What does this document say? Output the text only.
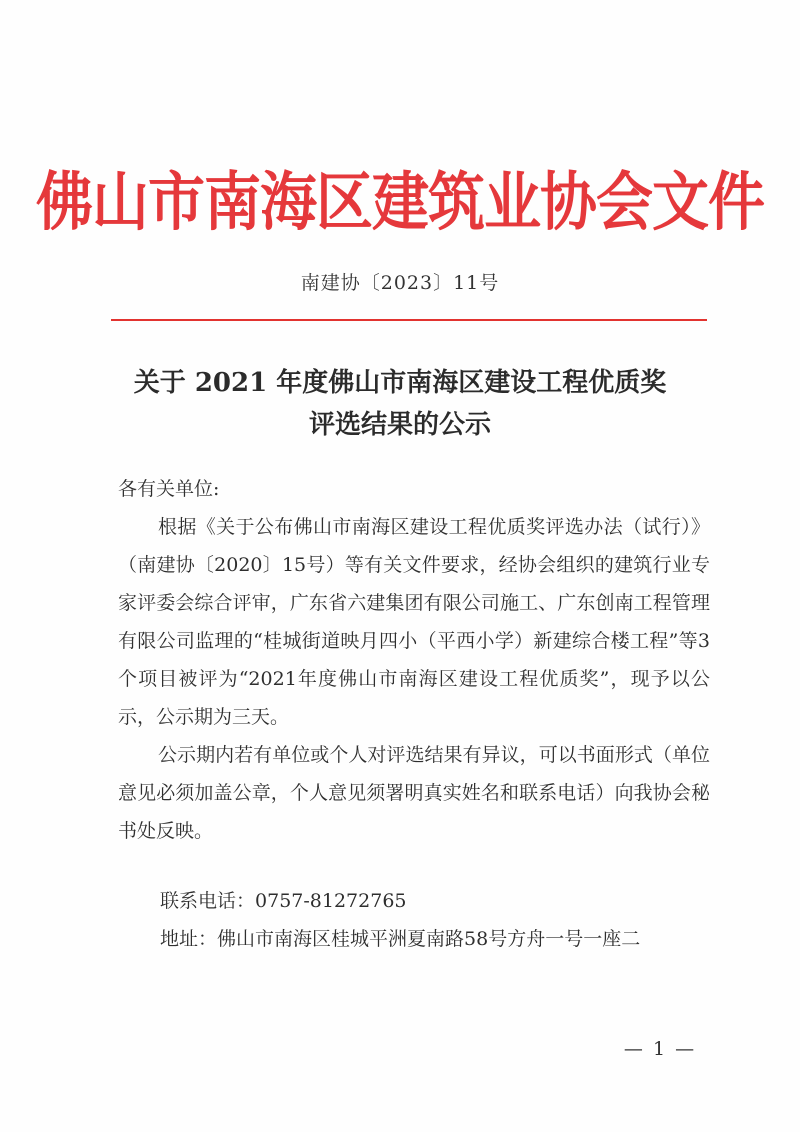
佛山市南海区建筑业协会文件
南建协〔2023〕11号
关于 2021 年度佛山市南海区建设工程优质奖
评选结果的公示
各有关单位:
根据《关于公布佛山市南海区建设工程优质奖评选办法（试行）》（南建协〔2020〕15号）等有关文件要求，经协会组织的建筑行业专家评委会综合评审，广东省六建集团有限公司施工、广东创南工程管理有限公司监理的“桂城街道映月四小（平西小学）新建综合楼工程”等3个项目被评为“2021年度佛山市南海区建设工程优质奖”，现予以公示，公示期为三天。
公示期内若有单位或个人对评选结果有异议，可以书面形式（单位意见必须加盖公章，个人意见须署明真实姓名和联系电话）向我协会秘书处反映。
联系电话：0757-81272765
地址：佛山市南海区桂城平洲夏南路58号方舟一号一座二
— 1 —
